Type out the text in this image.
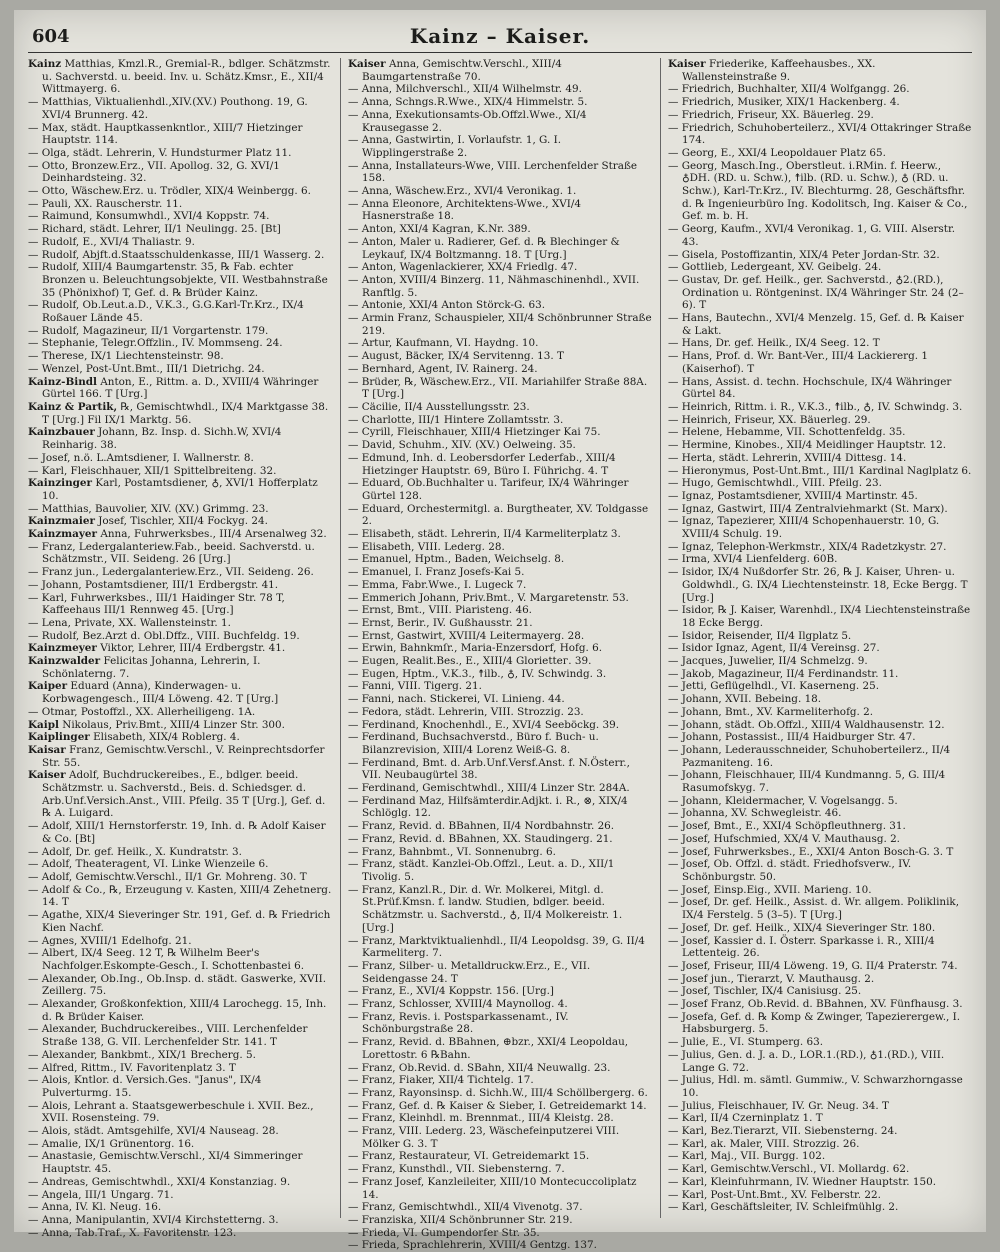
Kainz – Kaiser.
604

Kainz Matthias, Kmzl.R., Gremial-R., bdlger. Schätzmstr. u. Sachverstd. u. beeid. Inv. u. Schätz.Kmsr., E., XII/4 Wittmayerg. 6.

— Matthias, Viktualienhdl.,XIV.(XV.) Pouthong. 19, G. XVI/4 Brunnerg. 42.

— Max, städt. Hauptkassenkntlor., XIII/7 Hietzinger Hauptstr. 114.

— Olga, städt. Lehrerin, V. Hundsturmer Platz 11.

— Otto, Bronzew.Erz., VII. Apollog. 32, G. XVI/1 Deinhardsteing. 32.

— Otto, Wäschew.Erz. u. Trödler, XIX/4 Weinbergg. 6.

— Pauli, XX. Rauscherstr. 11.

— Raimund, Konsumwhdl., XVI/4 Koppstr. 74.

— Richard, städt. Lehrer, II/1 Neulingg. 25. [Bt]

— Rudolf, E., XVI/4 Thaliastr. 9.

— Rudolf, Abjft.d.Staatsschuldenkasse, III/1 Wasserg. 2.

— Rudolf, XIII/4 Baumgartenstr. 35, ℞ Fab. echter Bronzen u. Beleuchtungsobjekte, VII. Westbahnstraße 35 (Phönixhof) T, Gef. d. ℞ Brüder Kainz.

— Rudolf, Ob.Leut.a.D., V.K.3., G.G.Karl-Tr.Krz., IX/4 Roßauer Lände 45.

— Rudolf, Magazineur, II/1 Vorgartenstr. 179.

— Stephanie, Telegr.Offzlin., IV. Mommseng. 24.

— Therese, IX/1 Liechtensteinstr. 98.

— Wenzel, Post-Unt.Bmt., III/1 Dietrichg. 24.

Kainz-Bindl Anton, E., Rittm. a. D., XVIII/4 Währinger Gürtel 166. T [Urg.]

Kainz & Partik, ℞, Gemischtwhdl., IX/4 Marktgasse 38. T [Urg.] Fil IX/1 Marktg. 56.

Kainzbauer Johann, Bz. Insp. d. Sichh.W, XVI/4 Reinharig. 38.

— Josef, n.ö. L.Amtsdiener, I. Wallnerstr. 8.

— Karl, Fleischhauer, XII/1 Spittelbreiteng. 32.

Kainzinger Karl, Postamtsdiener, ♁, XVI/1 Hofferplatz 10.

— Matthias, Bauvolier, XIV. (XV.) Grimmg. 23.

Kainzmaier Josef, Tischler, XII/4 Fockyg. 24.

Kainzmayer Anna, Fuhrwerksbes., III/4 Arsenalweg 32.

— Franz, Ledergalanteriew.Fab., beeid. Sachverstd. u. Schätzmstr., VII. Seideng. 26 [Urg.]

— Franz jun., Ledergalanteriew.Erz., VII. Seideng. 26.

— Johann, Postamtsdiener, III/1 Erdbergstr. 41.

— Karl, Fuhrwerksbes., III/1 Haidinger Str. 78 T, Kaffeehaus III/1 Rennweg 45. [Urg.]

— Lena, Private, XX. Wallensteinstr. 1.

— Rudolf, Bez.Arzt d. Obl.Dffz., VIII. Buchfeldg. 19.

Kainzmeyer Viktor, Lehrer, III/4 Erdbergstr. 41.

Kainzwalder Felicitas Johanna, Lehrerin, I. Schönlaterng. 7.

Kaiper Eduard (Anna), Kinderwagen- u. Korbwagengesch., III/4 Löweng. 42. T [Urg.]

— Otmar, Postoffzl., XX. Allerheiligeng. 1A.

Kaipl Nikolaus, Priv.Bmt., XIII/4 Linzer Str. 300.

Kaiplinger Elisabeth, XIX/4 Roblerg. 4.

Kaisar Franz, Gemischtw.Verschl., V. Reinprechtsdorfer Str. 55.

Kaiser Adolf, Buchdruckereibes., E., bdlger. beeid. Schätzmstr. u. Sachverstd., Beis. d. Schiedsger. d. Arb.Unf.Versich.Anst., VIII. Pfeilg. 35 T [Urg.], Gef. d. ℞ A. Luigard.

— Adolf, XIII/1 Hernstorferstr. 19, Inh. d. ℞ Adolf Kaiser & Co. [Bt]

— Adolf, Dr. gef. Heilk., X. Kundratstr. 3.

— Adolf, Theateragent, VI. Linke Wienzeile 6.

— Adolf, Gemischtw.Verschl., II/1 Gr. Mohreng. 30. T

— Adolf & Co., ℞, Erzeugung v. Kasten, XIII/4 Zehetnerg. 14. T

— Agathe, XIX/4 Sieveringer Str. 191, Gef. d. ℞ Friedrich Kien Nachf.

— Agnes, XVIII/1 Edelhofg. 21.

— Albert, IX/4 Seeg. 12 T, ℞ Wilhelm Beer's Nachfolger.Eskompte-Gesch., I. Schottenbastei 6.

— Alexander, Ob.Ing., Ob.Insp. d. städt. Gaswerke, XVII. Zeillerg. 75.

— Alexander, Großkonfektion, XIII/4 Larochegg. 15, Inh. d. ℞ Brüder Kaiser.

— Alexander, Buchdruckereibes., VIII. Lerchenfelder Straße 138, G. VII. Lerchenfelder Str. 141. T

— Alexander, Bankbmt., XIX/1 Brecherg. 5.

— Alfred, Rittm., IV. Favoritenplatz 3. T

— Alois, Kntlor. d. Versich.Ges. "Janus", IX/4 Pulverturmg. 15.

— Alois, Lehrant a. Staatsgewerbeschule i. XVII. Bez., XVII. Rosensteing. 79.

— Alois, städt. Amtsgehilfe, XVI/4 Nauseag. 28.

— Amalie, IX/1 Grünentorg. 16.

— Anastasie, Gemischtw.Verschl., XI/4 Simmeringer Hauptstr. 45.

— Andreas, Gemischtwhdl., XXI/4 Konstanziag. 9.

— Angela, III/1 Ungarg. 71.

— Anna, IV. Kl. Neug. 16.

— Anna, Manipulantin, XVI/4 Kirchstetterng. 3.

— Anna, Tab.Traf., X. Favoritenstr. 123.

Kaiser Anna, Gemischtw.Verschl., XIII/4 Baumgartenstraße 70.

— Anna, Milchverschl., XII/4 Wilhelmstr. 49.

— Anna, Schngs.R.Wwe., XIX/4 Himmelstr. 5.

— Anna, Exekutionsamts-Ob.Offzl.Wwe., XI/4 Krausegasse 2.

— Anna, Gastwirtin, I. Vorlaufstr. 1, G. I. Wipplingerstraße 2.

— Anna, Installateurs-Wwe, VIII. Lerchenfelder Straße 158.

— Anna, Wäschew.Erz., XVI/4 Veronikag. 1.

— Anna Eleonore, Architektens-Wwe., XVI/4 Hasnerstraße 18.

— Anton, XXI/4 Kagran, K.Nr. 389.

— Anton, Maler u. Radierer, Gef. d. ℞ Blechinger & Leykauf, IX/4 Boltzmanng. 18. T [Urg.]

— Anton, Wagenlackierer, XX/4 Friedlg. 47.

— Anton, XVIII/4 Binzerg. 11, Nähmaschinenhdl., XVII. Ranftlg. 5.

— Antonie, XXI/4 Anton Störck-G. 63.

— Armin Franz, Schauspieler, XII/4 Schönbrunner Straße 219.

— Artur, Kaufmann, VI. Haydng. 10.

— August, Bäcker, IX/4 Servitenng. 13. T

— Bernhard, Agent, IV. Rainerg. 24.

— Brüder, ℞, Wäschew.Erz., VII. Mariahilfer Straße 88A. T [Urg.]

— Cäcilie, II/4 Ausstellungsstr. 23.

— Charlotte, III/1 Hintere Zollamtsstr. 3.

— Cyrill, Fleischhauer, XIII/4 Hietzinger Kai 75.

— David, Schuhm., XIV. (XV.) Oelweing. 35.

— Edmund, Inh. d. Leobersdorfer Lederfab., XIII/4 Hietzinger Hauptstr. 69, Büro I. Führichg. 4. T

— Eduard, Ob.Buchhalter u. Tarifeur, IX/4 Währinger Gürtel 128.

— Eduard, Orchestermitgl. a. Burgtheater, XV. Toldgasse 2.

— Elisabeth, städt. Lehrerin, II/4 Karmeliterplatz 3.

— Elisabeth, VIII. Lederg. 28.

— Emanuel, Hptm., Baden, Weichselg. 8.

— Emanuel, I. Franz Josefs-Kai 5.

— Emma, Fabr.Wwe., I. Lugeck 7.

— Emmerich Johann, Priv.Bmt., V. Margaretenstr. 53.

— Ernst, Bmt., VIII. Piaristeng. 46.

— Ernst, Berir., IV. Gußhausstr. 21.

— Ernst, Gastwirt, XVIII/4 Leitermayerg. 28.

— Erwin, Bahnkmſr., Maria-Enzersdorf, Hofg. 6.

— Eugen, Realit.Bes., E., XIII/4 Gloriettег. 39.

— Eugen, Hptm., V.K.3., ☨ilb., ♁, IV. Schwindg. 3.

— Fanni, VIII. Tigerg. 21.

— Fanni, nach. Stickerei, VI. Linieng. 44.

— Fedora, städt. Lehrerin, VIII. Strozzig. 23.

— Ferdinand, Knochenhdl., E., XVI/4 Seeböckg. 39.

— Ferdinand, Buchsachverstd., Büro f. Buch- u. Bilanzrevision, XIII/4 Lorenz Weiß-G. 8.

— Ferdinand, Bmt. d. Arb.Unf.Versf.Anst. f. N.Österr., VII. Neubaugürtel 38.

— Ferdinand, Gemischtwhdl., XIII/4 Linzer Str. 284A.

— Ferdinand Maz, Hilfsämterdir.Adjkt. i. R., ⊗, XIX/4 Schlöglg. 12.

— Franz, Revid. d. BBahnen, II/4 Nordbahnstr. 26.

— Franz, Revid. d. BBahnen, XX. Staudingerg. 21.

— Franz, Bahnbmt., VI. Sonnenubrg. 6.

— Franz, städt. Kanzlei-Ob.Offzl., Leut. a. D., XII/1 Tivolig. 5.

— Franz, Kanzl.R., Dir. d. Wr. Molkerei, Mitgl. d. St.Prüf.Kmsn. f. landw. Studien, bdlger. beeid. Schätzmstr. u. Sachverstd., ♁, II/4 Molkereistr. 1. [Urg.]

— Franz, Marktviktualienhdl., II/4 Leopoldsg. 39, G. II/4 Karmeliterg. 7.

— Franz, Silber- u. Metalldruckw.Erz., E., VII. Seidengasse 24. T

— Franz, E., XVI/4 Koppstr. 156. [Urg.]

— Franz, Schlosser, XVIII/4 Maynollog. 4.

— Franz, Revis. i. Postsparkassenamt., IV. Schönburgstraße 28.

— Franz, Revid. d. BBahnen, ⊕bzr., XXI/4 Leopoldau, Lorettostr. 6 ℞Bahn.

— Franz, Ob.Revid. d. SBahn, XII/4 Neuwallg. 23.

— Franz, Fiaker, XII/4 Tichtelg. 17.

— Franz, Rayonsinsp. d. Sichh.W., III/4 Schöllbergerg. 6.

— Franz, Gef. d. ℞ Kaiser & Sieber, I. Getreidemarkt 14.

— Franz, Kleinhdl. m. Brennmat., III/4 Kleistg. 28.

— Franz, VIII. Lederg. 23, Wäschefeinputzerei VIII. Mölker G. 3. T

— Franz, Restaurateur, VI. Getreidemarkt 15.

— Franz, Kunsthdl., VII. Siebensterng. 7.

— Franz Josef, Kanzleileiter, XIII/10 Montecuccoliplatz 14.

— Franz, Gemischtwhdl., XII/4 Vivenotg. 37.

— Franziska, XII/4 Schönbrunner Str. 219.

— Frieda, VI. Gumpendorfer Str. 35.

— Frieda, Sprachlehrerin, XVIII/4 Gentzg. 137.

Kaiser Friederike, Kaffeehausbes., XX. Wallensteinstraße 9.

— Friedrich, Buchhalter, XII/4 Wolfgangg. 26.

— Friedrich, Musiker, XIX/1 Hackenberg. 4.

— Friedrich, Friseur, XX. Bäuerleg. 29.

— Friedrich, Schuhoberteilerz., XVI/4 Ottakringer Straße 174.

— Georg, E., XXI/4 Leopoldauer Platz 65.

— Georg, Masch.Ing., Oberstleut. i.RMin. f. Heerw., ♁DH. (RD. u. Schw.), ☨ilb. (RD. u. Schw.), ♁ (RD. u. Schw.), Karl-Tr.Krz., IV. Blechturmg. 28, Geschäftsfhr. d. ℞ Ingenieurbüro Ing. Kodolitsch, Ing. Kaiser & Co., Gef. m. b. H.

— Georg, Kaufm., XVI/4 Veronikag. 1, G. VIII. Alserstr. 43.

— Gisela, Postoffizantin, XIX/4 Peter Jordan-Str. 32.

— Gottlieb, Ledergeant, XV. Geibelg. 24.

— Gustav, Dr. gef. Heilk., ger. Sachverstd., ♁2.(RD.), Ordination u. Röntgeninst. IX/4 Währinger Str. 24 (2–6). T

— Hans, Bautechn., XVI/4 Menzelg. 15, Gef. d. ℞ Kaiser & Lakt.

— Hans, Dr. gef. Heilk., IX/4 Seeg. 12. T

— Hans, Prof. d. Wr. Bant-Ver., III/4 Lackiererg. 1 (Kaiserhof). T

— Hans, Assist. d. techn. Hochschule, IX/4 Währinger Gürtel 84.

— Heinrich, Rittm. i. R., V.K.3., ☨ilb., ♁, IV. Schwindg. 3.

— Heinrich, Friseur, XX. Bäuerleg. 29.

— Helene, Hebamme, VII. Schottenfeldg. 35.

— Hermine, Kinobes., XII/4 Meidlinger Hauptstr. 12.

— Herta, städt. Lehrerin, XVIII/4 Dittesg. 14.

— Hieronymus, Post-Unt.Bmt., III/1 Kardinal Naglplatz 6.

— Hugo, Gemischtwhdl., VIII. Pfeilg. 23.

— Ignaz, Postamtsdiener, XVIII/4 Martinstr. 45.

— Ignaz, Gastwirt, III/4 Zentralviehmarkt (St. Marx).

— Ignaz, Tapezierer, XIII/4 Schopenhauerstr. 10, G. XVIII/4 Schulg. 19.

— Ignaz, Telephon-Werkmstr., XIX/4 Radetzkystr. 27.

— Irma, XVI/4 Lienfelderg. 60B.

— Isidor, IX/4 Nußdorfer Str. 26, ℞ J. Kaiser, Uhren- u. Goldwhdl., G. IX/4 Liechtensteinstr. 18, Ecke Bergg. T [Urg.]

— Isidor, ℞ J. Kaiser, Warenhdl., IX/4 Liechtensteinstraße 18 Ecke Bergg.

— Isidor, Reisender, II/4 Ilgplatz 5.

— Isidor Ignaz, Agent, II/4 Vereinsg. 27.

— Jacques, Juwelier, II/4 Schmelzg. 9.

— Jakob, Magazineur, II/4 Ferdinandstr. 11.

— Jetti, Geflügelhdl., VI. Kaserneng. 25.

— Johann, XVII. Bebeing. 18.

— Johann, Bmt., XV. Karmeliterhofg. 2.

— Johann, städt. Ob.Offzl., XIII/4 Waldhausenstr. 12.

— Johann, Postassist., III/4 Haidburger Str. 47.

— Johann, Lederausschneider, Schuhoberteilerz., II/4 Pazmaniteng. 16.

— Johann, Fleischhauer, III/4 Kundmanng. 5, G. III/4 Rasumofskyg. 7.

— Johann, Kleidermacher, V. Vogelsangg. 5.

— Johanna, XV. Schwegleistr. 46.

— Josef, Bmt., E., XXI/4 Schöpfleuthnerg. 31.

— Josef, Hufschmied, XX/4 V. Mauthausg. 2.

— Josef, Fuhrwerksbes., E., XXI/4 Anton Bosch-G. 3. T

— Josef, Ob. Offzl. d. städt. Friedhofsverw., IV. Schönburgstr. 50.

— Josef, Einsp.Eig., XVII. Marieng. 10.

— Josef, Dr. gef. Heilk., Assist. d. Wr. allgem. Poliklinik, IX/4 Ferstelg. 5 (3–5). T [Urg.]

— Josef, Dr. gef. Heilk., XIX/4 Sieveringer Str. 180.

— Josef, Kassier d. I. Österr. Sparkasse i. R., XIII/4 Lettenteig. 26.

— Josef, Friseur, III/4 Löweng. 19, G. II/4 Praterstr. 74.

— Josef jun., Tierarzt, V. Mauthausg. 2.

— Josef, Tischler, IX/4 Canisiusg. 25.

— Josef Franz, Ob.Revid. d. BBahnen, XV. Fünfhausg. 3.

— Josefa, Gef. d. ℞ Komp & Zwinger, Tapezierergew., I. Habsburgerg. 5.

— Julie, E., VI. Stumperg. 63.

— Julius, Gen. d. J. a. D., LOR.1.(RD.), ♁1.(RD.), VIII. Lange G. 72.

— Julius, Hdl. m. sämtl. Gummiw., V. Schwarzhorngasse 10.

— Julius, Fleischhauer, IV. Gr. Neug. 34. T

— Karl, II/4 Czerninplatz 1. T

— Karl, Bez.Tierarzt, VII. Siebensterng. 24.

— Karl, ak. Maler, VIII. Strozzig. 26.

— Karl, Maj., VII. Burgg. 102.

— Karl, Gemischtw.Verschl., VI. Mollardg. 62.

— Karl, Kleinfuhrmann, IV. Wiedner Hauptstr. 150.

— Karl, Post-Unt.Bmt., XV. Felberstr. 22.

— Karl, Geschäftsleiter, IV. Schleifmühlg. 2.
